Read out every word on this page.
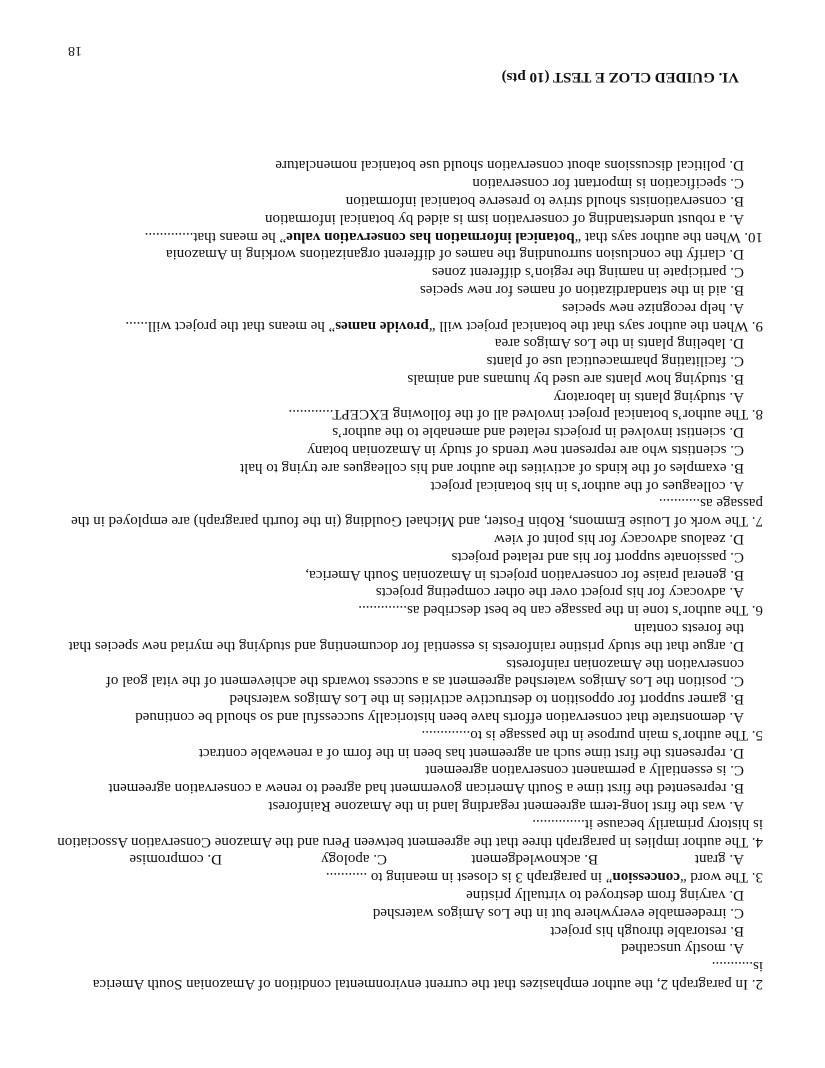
2. In paragraph 2, the author emphasizes that the current environmental condition of Amazonian South America is...........
A. mostly unscathed
B. restorable through his project
C. irredeemable everywhere but in the Los Amigos watershed
D. varying from destroyed to virtually pristine
3. The word “concession” in paragraph 3 is closest in meaning to ...........
A. grant
B. acknowledgement
C. apology
D. compromise
4. The author implies in paragraph three that the agreement between Peru and the Amazone Conservation Association is history primarily because it..............
A. was the first long-term agreement regarding land in the Amazone Rainforest
B. represented the first time a South American government had agreed to renew a conservation agreement
C. is essentially a permanent conservation agreement
D. represents the first time such an agreement has been in the form of a renewable contract
5. The author’s main purpose in the passage is to.............
A. demonstrate that conservation efforts have been historically successful and so should be continued
B. garner support for opposition to destructive activities in the Los Amigos watershed
C. position the Los Amigos watershed agreement as a success towards the achievement of the vital goal of conservation the Amazonian rainforests
D. argue that the study pristine rainforests is essential for documenting and studying the myriad new species that the forests contain
6. The author’s tone in the passage can be best described as.............
A. advocacy for his project over the other competing projects
B. general praise for conservation projects in Amazonian South America,
C. passionate support for his and related projects
D. zealous advocacy for his point of view
7. The work of Louise Emmons, Robin Foster, and Michael Goulding (in the fourth paragraph) are employed in the passage as...........
A. colleagues of the author’s in his botanical project
B. examples of the kinds of activities the author and his colleagues are trying to halt
C. scientists who are represent new trends of study in Amazonian botany
D. scientist involved in projects related and amenable to the author’s
8. The author’s botanical project involved all of the following EXCEPT............
A. studying plants in laboratory
B. studying how plants are used by humans and animals
C. facilitating pharmaceutical use of plants
D. labeling plants in the Los Amigos area
9. When the author says that the botanical project will “provide names” he means that the project will......
A. help recognize new species
B. aid in the standardization of names for new species
C. participate in naming the region’s different zones
D. clarify the conclusion surrounding the names of different organizations working in Amazonia
10. When the author says that “botanical information has conservation value” he means that.............
A. a robust understanding of conservation ism is aided by botanical information
B. conservationists should strive to preserve botanical information
C. specification is important for conservation
D. political discussions about conservation should use botanical nomenclature
VI. GUIDED CLOZ E TEST (10 pts)
18
